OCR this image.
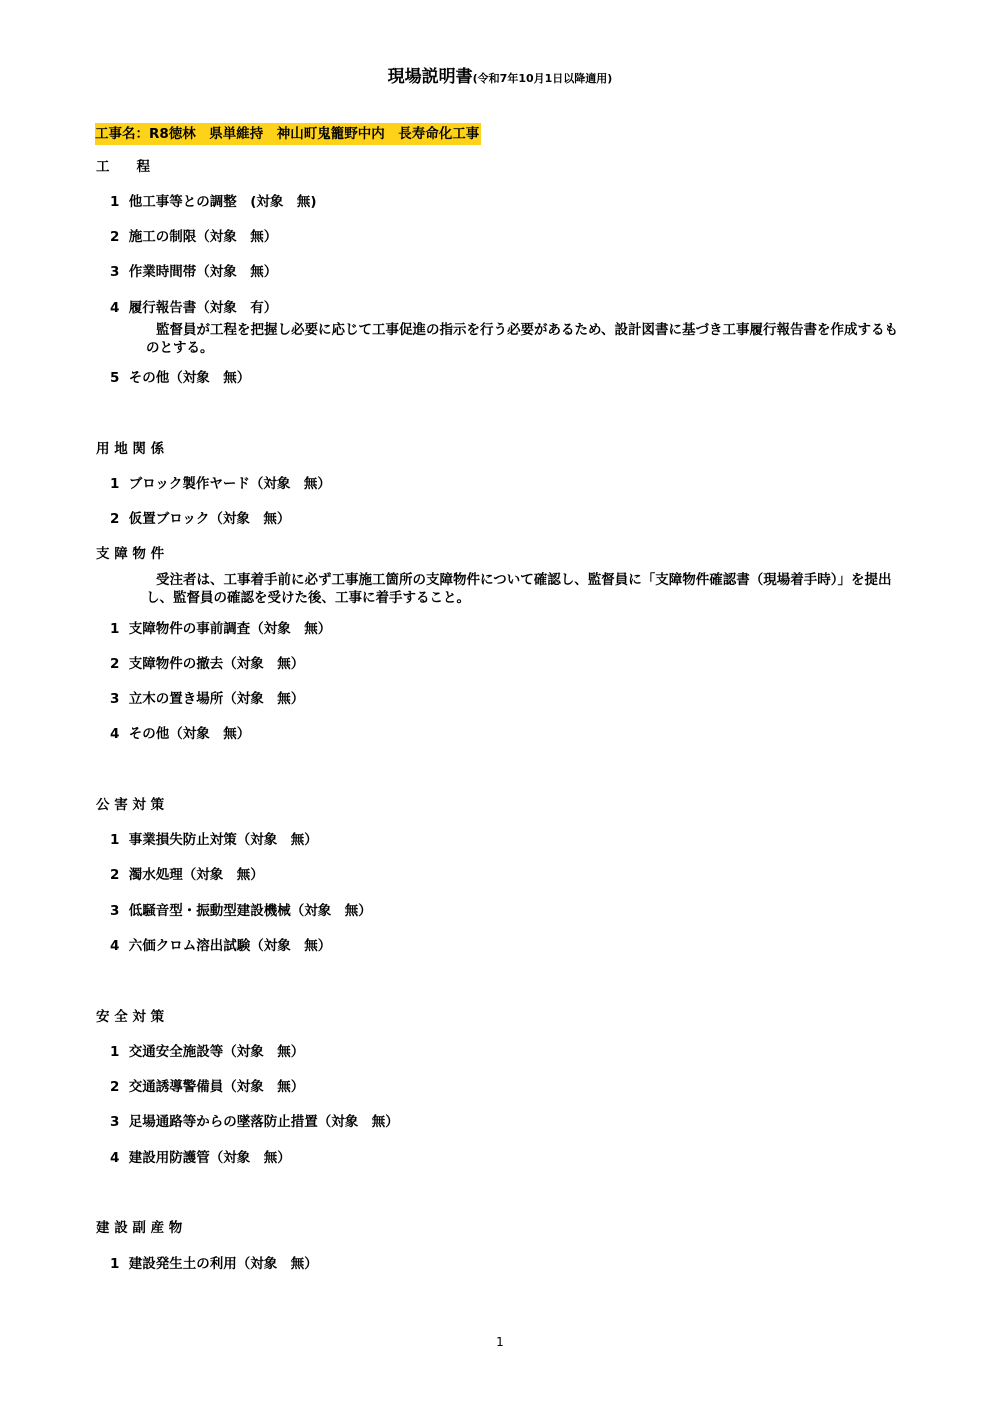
現場説明書(令和7年10月1日以降適用)
工事名：R8徳林　県単維持　神山町鬼籠野中内　長寿命化工事
工　　程
1 他工事等との調整　(対象　無)
2 施工の制限（対象　無）
3 作業時間帯（対象　無）
4 履行報告書（対象　有）
監督員が工程を把握し必要に応じて工事促進の指示を行う必要があるため、設計図書に基づき工事履行報告書を作成するものとする。
5 その他（対象　無）
用 地 関 係
1 ブロック製作ヤード（対象　無）
2 仮置ブロック（対象　無）
支 障 物 件
受注者は、工事着手前に必ず工事施工箇所の支障物件について確認し、監督員に「支障物件確認書（現場着手時）」を提出し、監督員の確認を受けた後、工事に着手すること。
1 支障物件の事前調査（対象　無）
2 支障物件の撤去（対象　無）
3 立木の置き場所（対象　無）
4 その他（対象　無）
公 害 対 策
1 事業損失防止対策（対象　無）
2 濁水処理（対象　無）
3 低騒音型・振動型建設機械（対象　無）
4 六価クロム溶出試験（対象　無）
安 全 対 策
1 交通安全施設等（対象　無）
2 交通誘導警備員（対象　無）
3 足場通路等からの墜落防止措置（対象　無）
4 建設用防護管（対象　無）
建 設 副 産 物
1 建設発生土の利用（対象　無）
1
